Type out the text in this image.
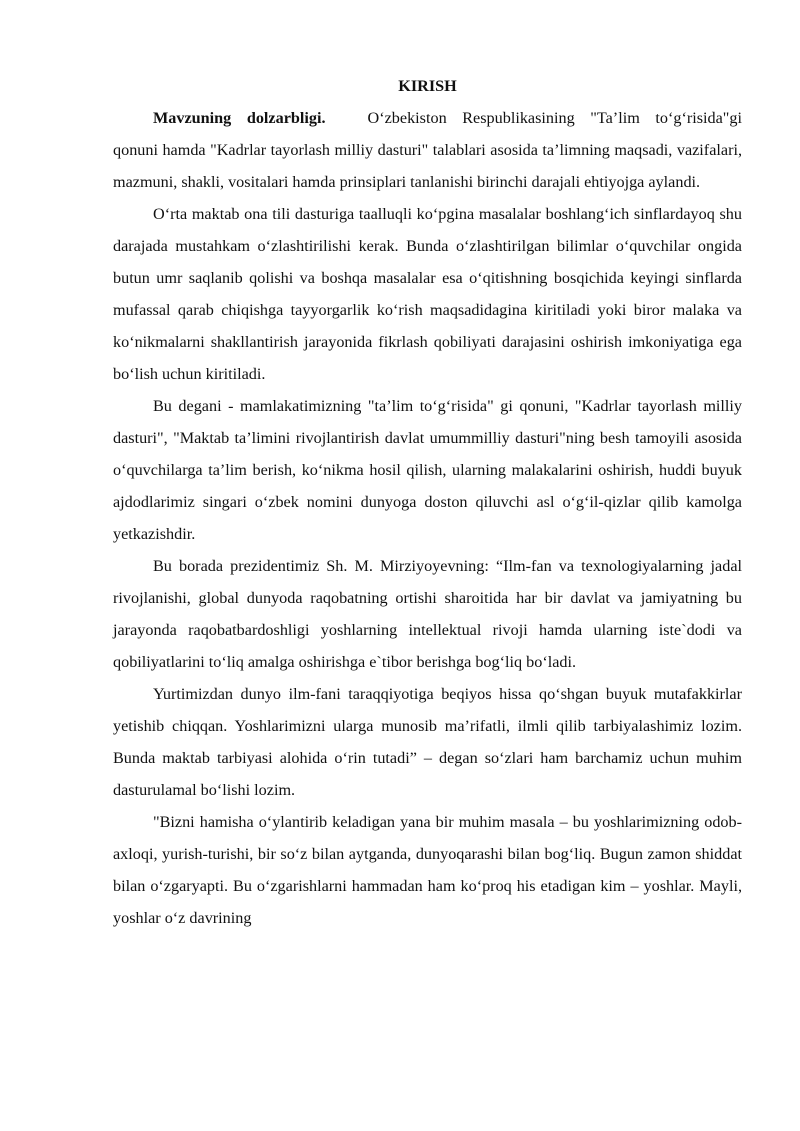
KIRISH

Mavzuning dolzarbligi.	O‘zbekiston Respublikasining "Ta’lim to‘g‘risida"gi qonuni hamda "Kadrlar tayorlash milliy dasturi" talablari asosida ta’limning maqsadi, vazifalari, mazmuni, shakli, vositalari hamda prinsiplari tanlanishi birinchi darajali ehtiyojga aylandi.

O‘rta maktab ona tili dasturiga taalluqli ko‘pgina masalalar boshlang‘ich sinflardayoq shu darajada mustahkam o‘zlashtirilishi kerak. Bunda o‘zlashtirilgan bilimlar o‘quvchilar ongida butun umr saqlanib qolishi va boshqa masalalar esa o‘qitishning bosqichida keyingi sinflarda mufassal qarab chiqishga tayyorgarlik ko‘rish maqsadidagina kiritiladi yoki biror malaka va ko‘nikmalarni shakllantirish jarayonida fikrlash qobiliyati darajasini oshirish imkoniyatiga ega bo‘lish uchun kiritiladi.

Bu degani - mamlakatimizning "ta’lim to‘g‘risida" gi qonuni, "Kadrlar tayorlash milliy dasturi", "Maktab ta’limini rivojlantirish davlat umummilliy dasturi"ning besh tamoyili asosida o‘quvchilarga ta’lim berish, ko‘nikma hosil qilish, ularning malakalarini oshirish, huddi buyuk ajdodlarimiz singari o‘zbek nomini dunyoga doston qiluvchi asl o‘g‘il-qizlar qilib kamolga yetkazishdir.

Bu borada prezidentimiz Sh. M. Mirziyoyevning: “Ilm-fan va texnologiyalarning jadal rivojlanishi, global dunyoda raqobatning ortishi sharoitida har bir davlat va jamiyatning bu jarayonda raqobatbardoshligi yoshlarning intellektual rivoji hamda ularning iste`dodi va qobiliyatlarini to‘liq amalga oshirishga e`tibor berishga bog‘liq bo‘ladi.

Yurtimizdan dunyo ilm-fani taraqqiyotiga beqiyos hissa qo‘shgan buyuk mutafakkirlar yetishib chiqqan. Yoshlarimizni ularga munosib ma’rifatli, ilmli qilib tarbiyalashimiz lozim. Bunda maktab tarbiyasi alohida o‘rin tutadi” – degan so‘zlari ham barchamiz uchun muhim dasturulamal bo‘lishi lozim.

"Bizni hamisha o‘ylantirib keladigan yana bir muhim masala – bu yoshlarimizning odob-axloqi, yurish-turishi, bir so‘z bilan aytganda, dunyoqarashi bilan bog‘liq. Bugun zamon shiddat bilan o‘zgaryapti. Bu o‘zgarishlarni hammadan ham ko‘proq his etadigan kim – yoshlar. Mayli, yoshlar o‘z davrining
